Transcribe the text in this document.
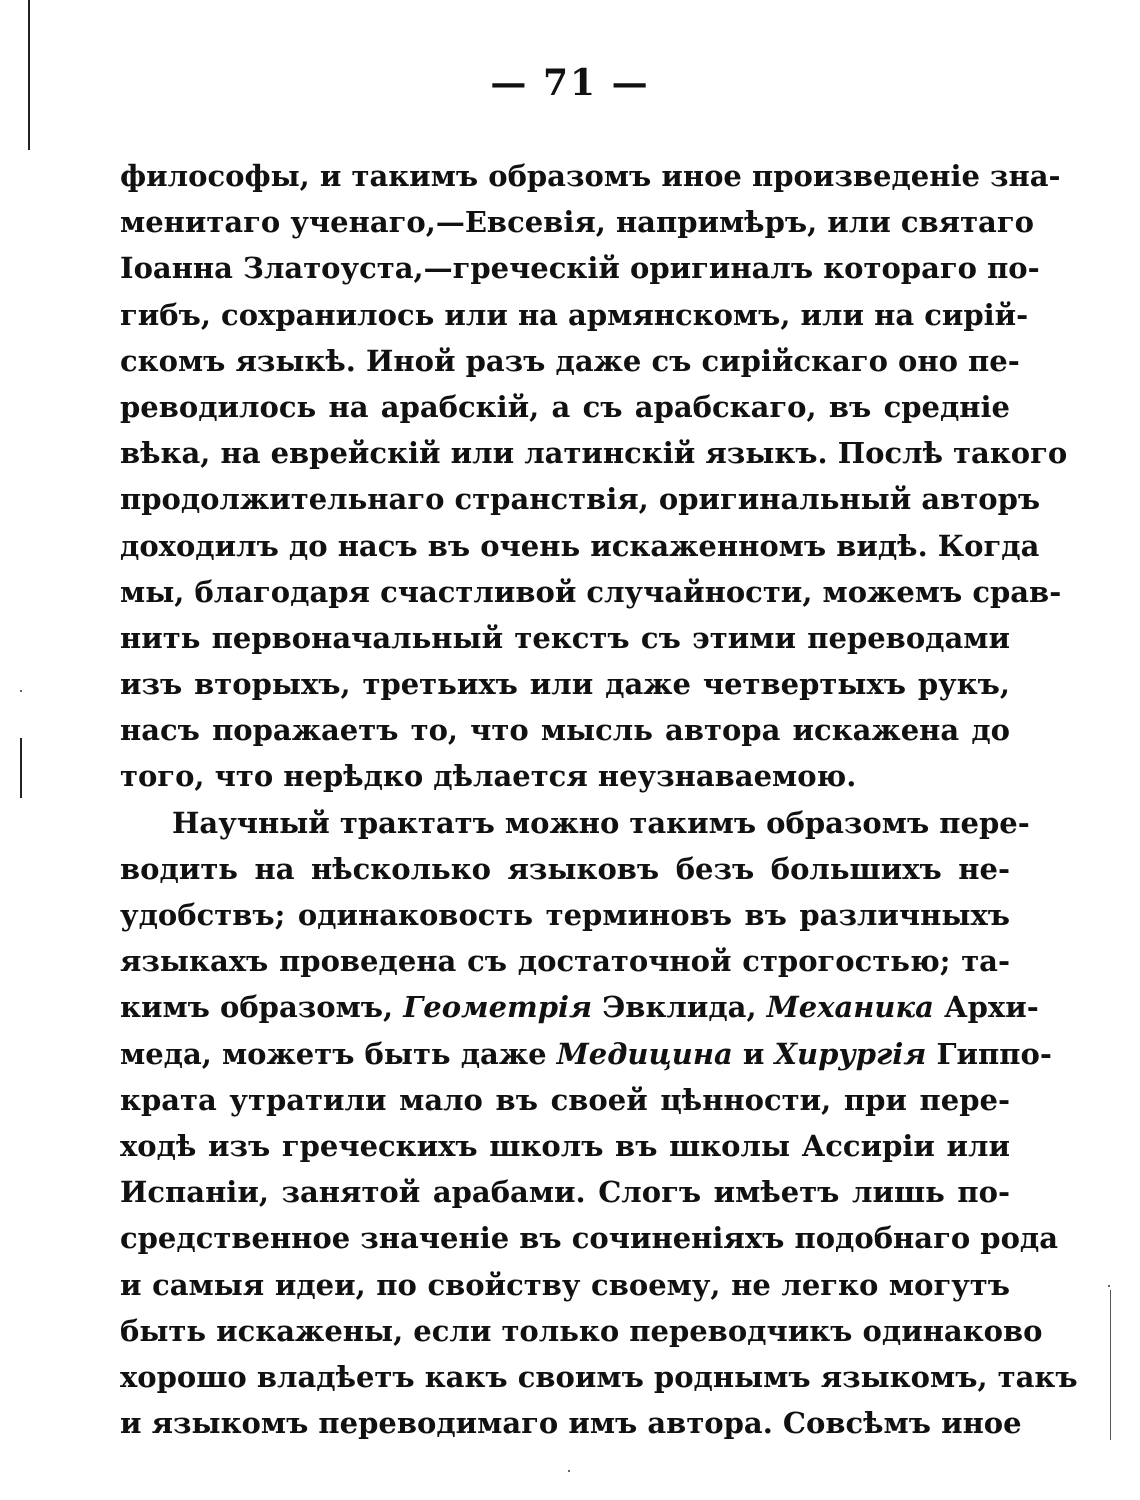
— 71 —
философы, и такимъ образомъ иное произведенiе зна-
менитаго ученаго,—Евсевiя, напримѣръ, или святаго
Iоанна Златоуста,—греческiй оригиналъ котораго по-
гибъ, сохранилось или на армянскомъ, или на сирiй-
скомъ языкѣ. Иной разъ даже съ сирiйскаго оно пе-
реводилось на арабскiй, а съ арабскаго, въ среднiе
вѣка, на еврейскiй или латинскiй языкъ. Послѣ такого
продолжительнаго странствiя, оригинальный авторъ
доходилъ до насъ въ очень искаженномъ видѣ. Когда
мы, благодаря счастливой случайности, можемъ срав-
нить первоначальный текстъ съ этими переводами
изъ вторыхъ, третьихъ или даже четвертыхъ рукъ,
насъ поражаетъ то, что мысль автора искажена до
того, что нерѣдко дѣлается неузнаваемою.
Научный трактатъ можно такимъ образомъ пере-
водить на нѣсколько языковъ безъ большихъ не-
удобствъ; одинаковость терминовъ въ различныхъ
языкахъ проведена съ достаточной строгостью; та-
кимъ образомъ, Геометрiя Эвклида, Механика Архи-
меда, можетъ быть даже Медицина и Хирургiя Гиппо-
крата утратили мало въ своей цѣнности, при пере-
ходѣ изъ греческихъ школъ въ школы Ассирiи или
Испанiи, занятой арабами. Слогъ имѣетъ лишь по-
средственное значенiе въ сочиненiяхъ подобнаго рода
и самыя идеи, по свойству своему, не легко могутъ
быть искажены, если только переводчикъ одинаково
хорошо владѣетъ какъ своимъ роднымъ языкомъ, такъ
и языкомъ переводимаго имъ автора. Совсѣмъ иное
